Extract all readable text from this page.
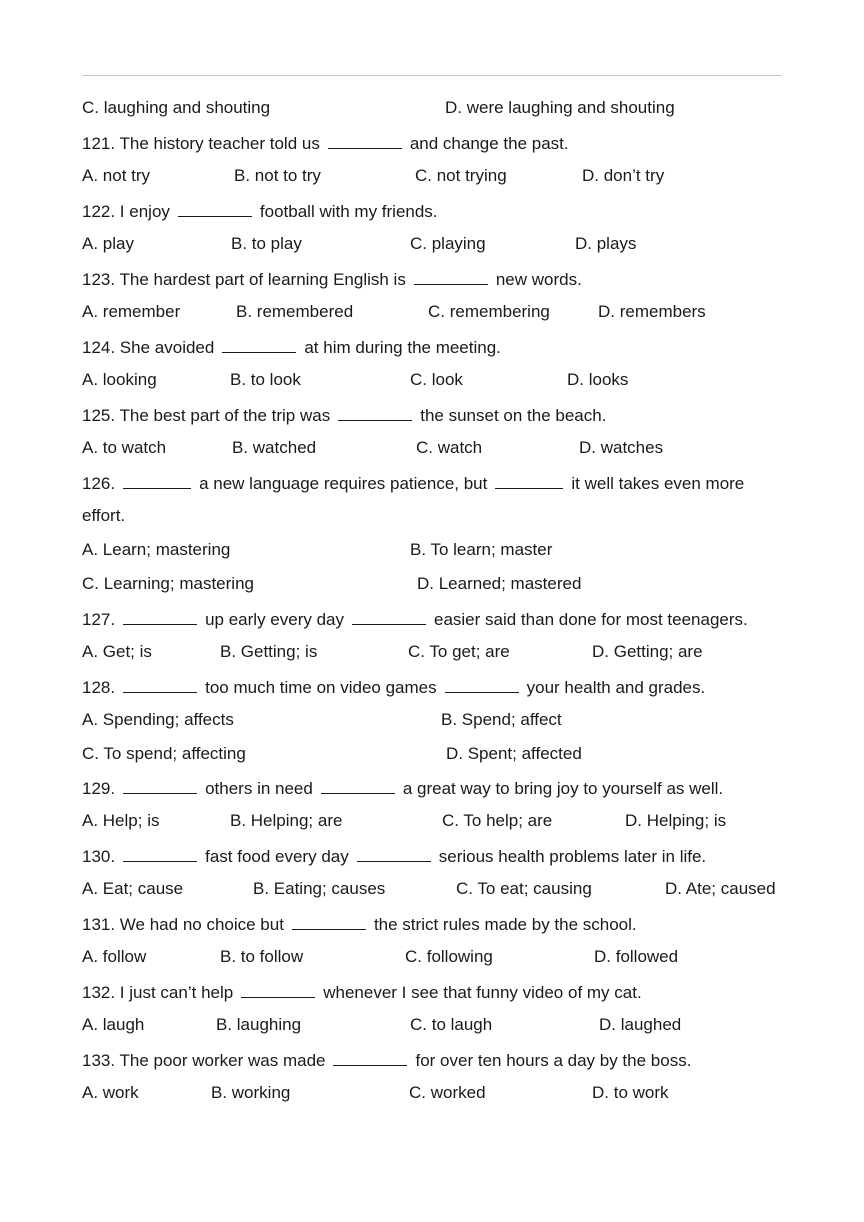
C. laughing and shouting	D. were laughing and shouting
121. The history teacher told us	and change the past.
A. not try	B. not to try	C. not trying	D. don’t try
122. I enjoy	football with my friends.
A. play	B. to play	C. playing	D. plays
123. The hardest part of learning English is	new words.
A. remember	B. remembered	C. remembering	D. remembers
124. She avoided	at him during the meeting.
A. looking	B. to look	C. look	D. looks
125. The best part of the trip was	the sunset on the beach.
A. to watch	B. watched	C. watch	D. watches
126.	a new language requires patience, but	it well takes even more
effort.
A. Learn; mastering	B. To learn; master
C. Learning; mastering	D. Learned; mastered
127.	up early every day	easier said than done for most teenagers.
A. Get; is	B. Getting; is	C. To get; are	D. Getting; are
128.	too much time on video games	your health and grades.
A. Spending; affects	B. Spend; affect
C. To spend; affecting	D. Spent; affected
129.	others in need	a great way to bring joy to yourself as well.
A. Help; is	B. Helping; are	C. To help; are	D. Helping; is
130.	fast food every day	serious health problems later in life.
A. Eat; cause	B. Eating; causes	C. To eat; causing	D. Ate; caused
131. We had no choice but	the strict rules made by the school.
A. follow	B. to follow	C. following	D. followed
132. I just can’t help	whenever I see that funny video of my cat.
A. laugh	B. laughing	C. to laugh	D. laughed
133. The poor worker was made	for over ten hours a day by the boss.
A. work	B. working	C. worked	D. to work
